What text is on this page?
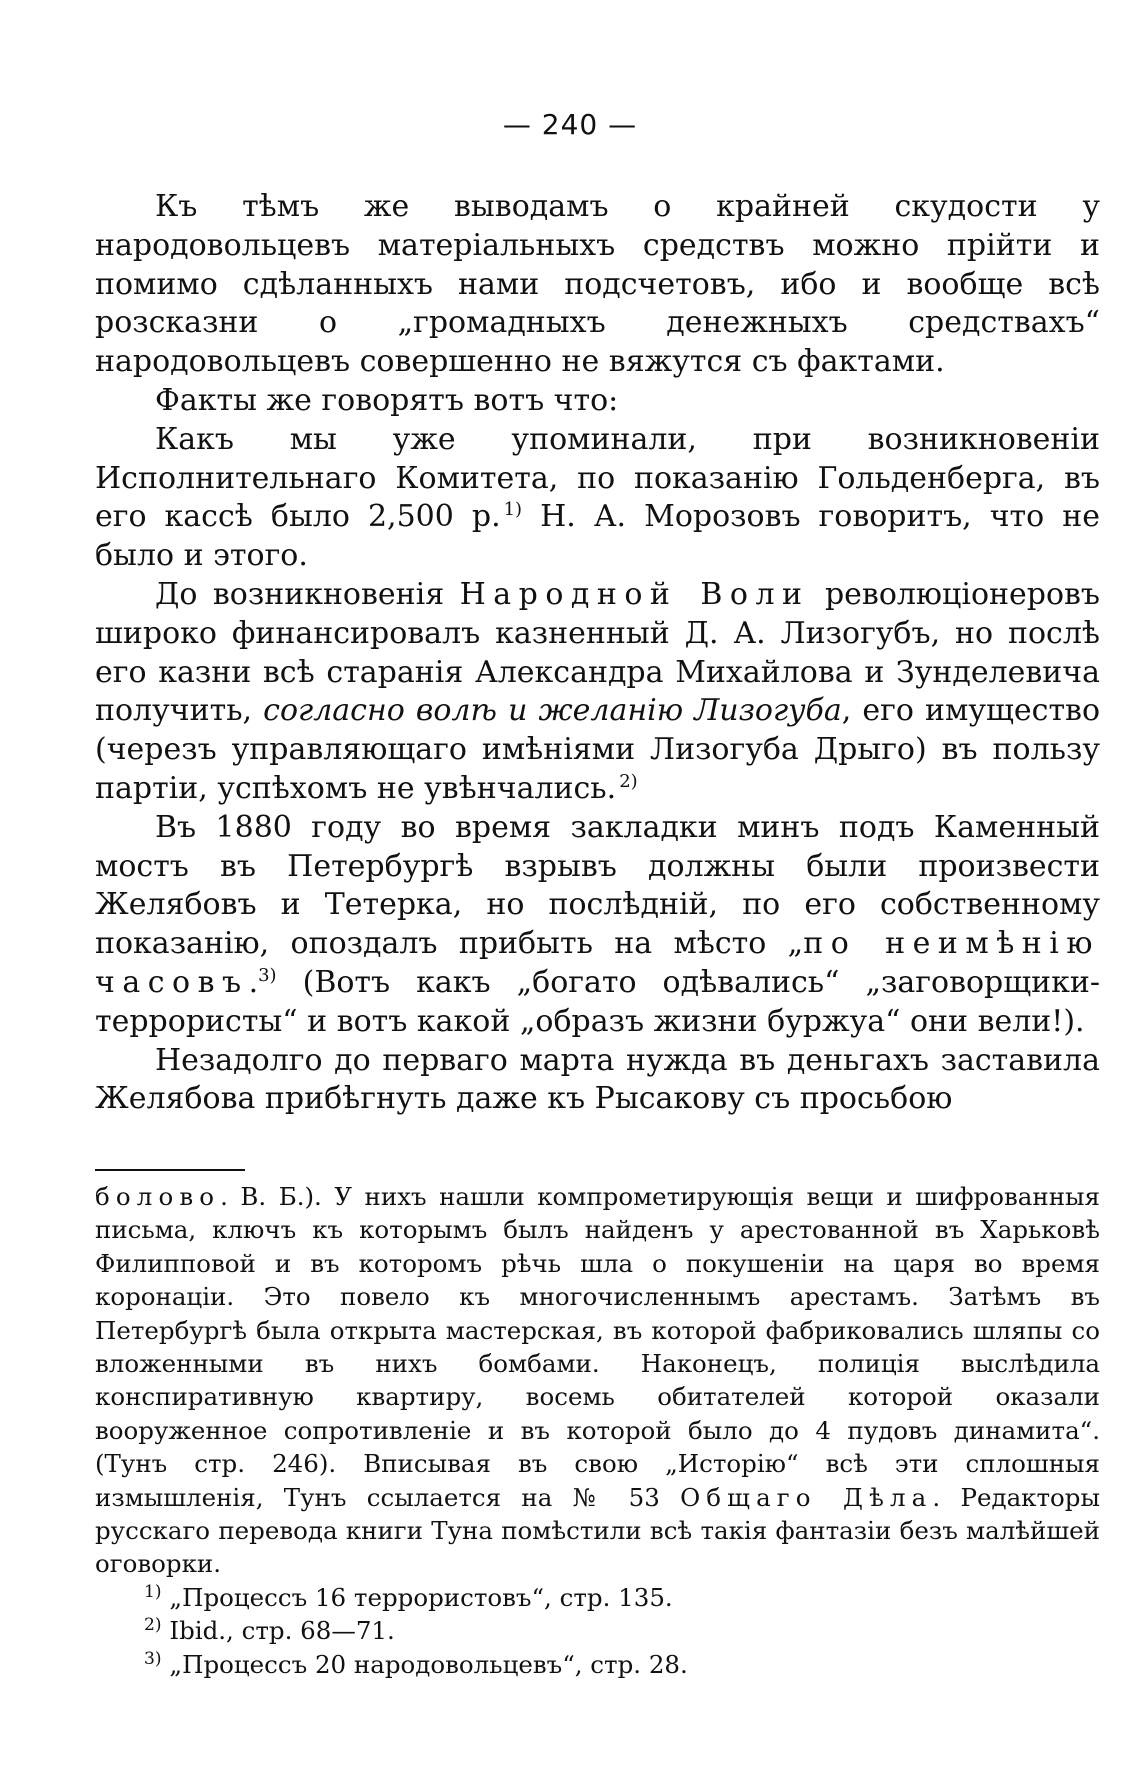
— 240 —

Къ тѣмъ же выводамъ о крайней скудости у народовольцевъ матеріальныхъ средствъ можно прійти и помимо сдѣланныхъ нами подсчетовъ, ибо и вообще всѣ розсказни о „громадныхъ денежныхъ средствахъ“ народовольцевъ совершенно не вяжутся съ фактами.

Факты же говорятъ вотъ что:

Какъ мы уже упоминали, при возникновеніи Исполнительнаго Комитета, по показанію Гольденберга, въ его кассѣ было 2,500 р.  $^{1)}$ Н. А. Морозовъ говоритъ, что не было и этого.

До возникновенія Народной Воли революціонеровъ широко финансировалъ казненный Д. А. Лизогубъ, но послѣ его казни всѣ старанія Александра Михайлова и Зунделевича получить, согласно волѣ и желанію Лизогуба, его имущество (черезъ управляющаго имѣніями Лизогуба Дрыго) въ пользу партіи, успѣхомъ не увѣнчались.  $^{2)}$

Въ 1880 году во время закладки минъ подъ Каменный мостъ въ Петербургѣ взрывъ должны были произвести Желябовъ и Тетерка, но послѣдній, по его собственному показанію, опоздалъ прибыть на мѣсто „по неимѣнію часовъ.$^{3)}$ (Вотъ какъ „богато одѣвались“ „заговорщики-террористы“ и вотъ какой „образъ жизни буржуа“ они вели!).

Незадолго до перваго марта нужда въ деньгахъ заставила Желябова прибѣгнуть даже къ Рысакову съ просьбою

болово. В. Б.). У нихъ нашли компрометирующія вещи и шифрованныя письма, ключъ къ которымъ былъ найденъ у арестованной въ Харьковѣ Филипповой и въ которомъ рѣчь шла о покушеніи на царя во время коронаціи. Это повело къ многочисленнымъ арестамъ. Затѣмъ въ Петербургѣ была открыта мастерская, въ которой фабриковались шляпы со вложенными въ нихъ бомбами. Наконецъ, полиція выслѣдила конспиративную квартиру, восемь обитателей которой оказали вооруженное сопротивленіе и въ которой было до 4 пудовъ динамита“. (Тунъ стр. 246). Вписывая въ свою „Исторію“ всѣ эти сплошныя измышленія, Тунъ ссылается на № 53 Общаго Дѣла. Редакторы русскаго перевода книги Туна помѣстили всѣ такія фантазіи безъ малѣйшей оговорки.

$^{1)}$ „Процессъ 16 террористовъ“, стр. 135.

$^{2)}$ Ibid., стр. 68—71.

$^{3)}$ „Процессъ 20 народовольцевъ“, стр. 28.
